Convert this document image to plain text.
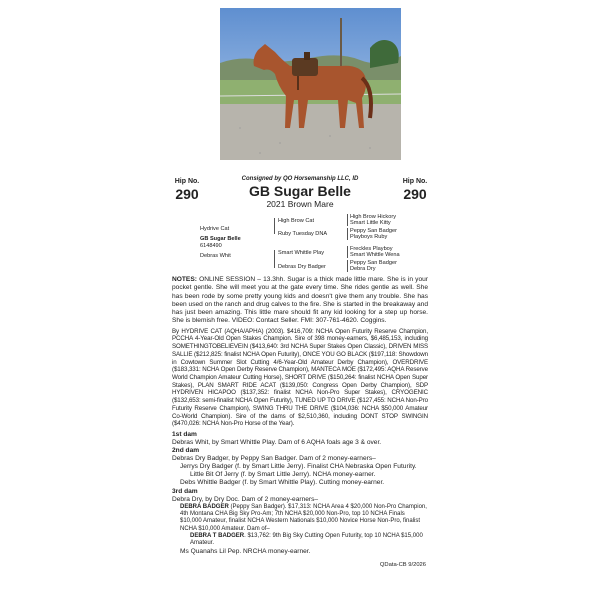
Hip No.
290
Consigned by QO Horsemanship LLC, ID
GB Sugar Belle
2021 Brown Mare
Hip No.
290
Hydrive Cat
GB Sugar Belle
6148490
Debras Whit
High Brow Cat
Ruby Tuesday DNA
Smart Whittle Play
Debras Dry Badger
High Brow Hickory
Smart Little Kitty
Peppy San Badger
Playboys Ruby
Freckles Playboy
Smart Whittle Wena
Peppy San Badger
Debra Dry
NOTES: ONLINE SESSION – 13.3hh. Sugar is a thick made little mare. She is in your pocket gentle. She will meet you at the gate every time. She rides gentle as well. She has been rode by some pretty young kids and doesn't give them any trouble. She has been used on the ranch and drug calves to the fire. She is started in the breakaway and has just been amazing. This little mare should fit any kid looking for a step up horse. She is blemish free. VIDEO: Contact Seller. FMI: 307-761-4620. Coggins.
By HYDRIVE CAT (AQHA/APHA) (2003). $416,709: NCHA Open Futurity Reserve Champion, PCCHA 4-Year-Old Open Stakes Champion. Sire of 398 money-earners, $6,485,153, including SOMETHINGTOBELIEVEIN ($413,640: 3rd NCHA Super Stakes Open Classic), DRIVEN MISS SALLIE ($212,825: finalist NCHA Open Futurity), ONCE YOU GO BLACK ($197,118: Showdown in Cowtown Summer Slot Cutting 4/6-Year-Old Amateur Derby Champion), OVERDRIVE ($183,331: NCHA Open Derby Reserve Champion), MANTECA MOE ($172,495: AQHA Reserve World Champion Amateur Cutting Horse), SHORT DRIVE ($150,264: finalist NCHA Open Super Stakes), PLAN SMART RIDE ACAT ($139,050: Congress Open Derby Champion), SDP HYDRIVEN HICAPOO ($137,352: finalist NCHA Non-Pro Super Stakes), CRYOGENIC ($132,653: semi-finalist NCHA Open Futurity), TUNED UP TO DRIVE ($127,455: NCHA Non-Pro Futurity Reserve Champion), SWING THRU THE DRIVE ($104,036: NCHA $50,000 Amateur Co-World Champion). Sire of the dams of $2,510,360, including DONT STOP SWINGIN ($470,026: NCHA Non-Pro Horse of the Year).
1st dam
Debras Whit, by Smart Whittle Play. Dam of 6 AQHA foals age 3 & over.
2nd dam
Debras Dry Badger, by Peppy San Badger. Dam of 2 money-earners–
Jerrys Dry Badger (f. by Smart Little Jerry). Finalist CHA Nebraska Open Futurity.
Little Bit Of Jerry (f. by Smart Little Jerry). NCHA money-earner.
Debs Whittle Badger (f. by Smart Whittle Play). Cutting money-earner.
3rd dam
Debra Dry, by Dry Doc. Dam of 2 money-earners–
DEBRA BADGER (Peppy San Badger). $17,313: NCHA Area 4 $20,000 Non-Pro Champion, 4th Montana CHA Big Sky Pro-Am; 7th NCHA $20,000 Non-Pro, top 10 NCHA Finals $10,000 Amateur, finalist NCHA Western Nationals $10,000 Novice Horse Non-Pro, finalist NCHA $10,000 Amateur. Dam of–
DEBRA T BADGER. $13,762: 9th Big Sky Cutting Open Futurity, top 10 NCHA $15,000 Amateur.
Ms Quanahs Lil Pep. NRCHA money-earner.
QData-CB 9/2026
